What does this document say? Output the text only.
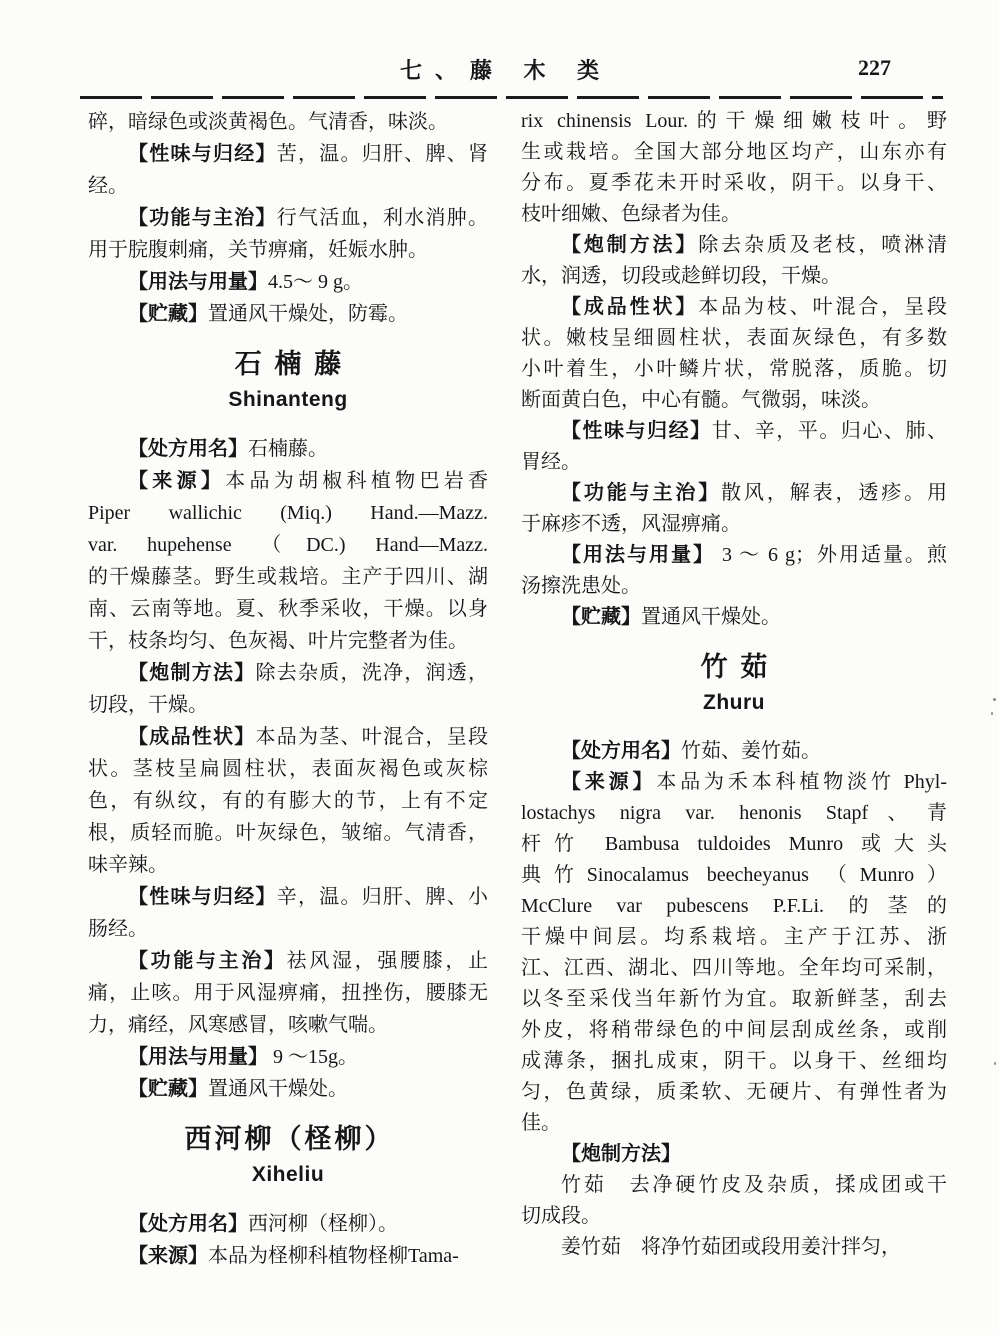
七、藤 木 类	227
碎，暗绿色或淡黄褐色。气清香，味淡。
【性味与归经】苦，温。归肝、脾、肾
经。
【功能与主治】行气活血，利水消肿。
用于脘腹刺痛，关节痹痛，妊娠水肿。
【用法与用量】4.5～ 9 g。
【贮藏】置通风干燥处，防霉。
石 楠 藤
Shinanteng
【处方用名】石楠藤。
【来源】本品为胡椒科植物巴岩香
Piper wallichic (Miq.) Hand.—Mazz.
var. hupehense （DC.) Hand—Mazz.
的干燥藤茎。野生或栽培。主产于四川、湖
南、云南等地。夏、秋季采收，干燥。以身
干，枝条均匀、色灰褐、叶片完整者为佳。
【炮制方法】除去杂质，洗净，润透，
切段，干燥。
【成品性状】本品为茎、叶混合，呈段
状。茎枝呈扁圆柱状，表面灰褐色或灰棕
色，有纵纹，有的有膨大的节，上有不定
根，质轻而脆。叶灰绿色，皱缩。气清香，
味辛辣。
【性味与归经】辛，温。归肝、脾、小
肠经。
【功能与主治】祛风湿，强腰膝，止
痛，止咳。用于风湿痹痛，扭挫伤，腰膝无
力，痛经，风寒感冒，咳嗽气喘。
【用法与用量】 9 ～15g。
【贮藏】置通风干燥处。
西河柳（柽柳）
Xiheliu
【处方用名】西河柳（柽柳）。
【来源】本品为柽柳科植物柽柳Tama-
rix chinensis Lour.的干燥细嫩枝叶。野
生或栽培。全国大部分地区均产，山东亦有
分布。夏季花未开时采收，阴干。以身干、
枝叶细嫩、色绿者为佳。
【炮制方法】除去杂质及老枝，喷淋清
水，润透，切段或趁鲜切段，干燥。
【成品性状】本品为枝、叶混合，呈段
状。嫩枝呈细圆柱状，表面灰绿色，有多数
小叶着生，小叶鳞片状，常脱落，质脆。切
断面黄白色，中心有髓。气微弱，味淡。
【性味与归经】甘、辛，平。归心、肺、
胃经。
【功能与主治】散风，解表，透疹。用
于麻疹不透，风湿痹痛。
【用法与用量】 3 ～ 6 g；外用适量。煎
汤擦洗患处。
【贮藏】置通风干燥处。
竹 茹
Zhuru
【处方用名】竹茹、姜竹茹。
【来源】本品为禾本科植物淡竹 Phyl-
lostachys nigra var. henonis Stapf、青
杆竹 Bambusa tuldoides Munro 或大头
典竹Sinocalamus beecheyanus （Munro）
McClure var pubescens P.F.Li. 的茎的
干燥中间层。均系栽培。主产于江苏、浙
江、江西、湖北、四川等地。全年均可采制，
以冬至采伐当年新竹为宜。取新鲜茎，刮去
外皮，将稍带绿色的中间层刮成丝条，或削
成薄条，捆扎成束，阴干。以身干、丝细均
匀，色黄绿，质柔软、无硬片、有弹性者为
佳。
【炮制方法】
竹茹　去净硬竹皮及杂质，揉成团或干
切成段。
姜竹茹　将净竹茹团或段用姜汁拌匀，
